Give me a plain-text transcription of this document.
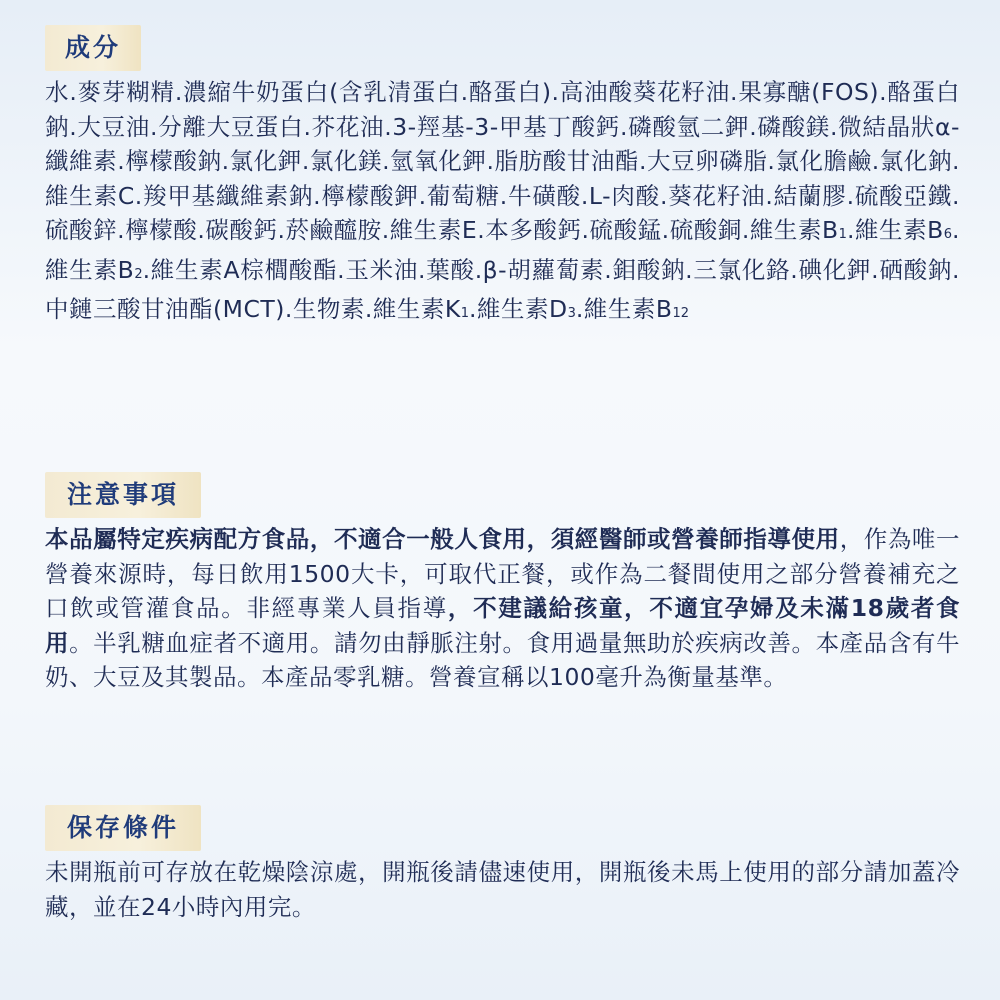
成分
水.麥芽糊精.濃縮牛奶蛋白(含乳清蛋白.酪蛋白).高油酸葵花籽油.果寡醣(FOS).酪蛋白鈉.大豆油.分離大豆蛋白.芥花油.3-羥基-3-甲基丁酸鈣.磷酸氫二鉀.磷酸鎂.微結晶狀α-纖維素.檸檬酸鈉.氯化鉀.氯化鎂.氫氧化鉀.脂肪酸甘油酯.大豆卵磷脂.氯化膽鹼.氯化鈉.維生素C.羧甲基纖維素鈉.檸檬酸鉀.葡萄糖.牛磺酸.L-肉酸.葵花籽油.結蘭膠.硫酸亞鐵.硫酸鋅.檸檬酸.碳酸鈣.菸鹼醯胺.維生素E.本多酸鈣.硫酸錳.硫酸銅.維生素B1.維生素B6.維生素B2.維生素A棕櫚酸酯.玉米油.葉酸.β-胡蘿蔔素.鉬酸鈉.三氯化鉻.碘化鉀.硒酸鈉.中鏈三酸甘油酯(MCT).生物素.維生素K1.維生素D3.維生素B12
注意事項
本品屬特定疾病配方食品，不適合一般人食用，須經醫師或營養師指導使用，作為唯一營養來源時，每日飲用1500大卡，可取代正餐，或作為二餐間使用之部分營養補充之口飲或管灌食品。非經專業人員指導，不建議給孩童，不適宜孕婦及未滿18歲者食用。半乳糖血症者不適用。請勿由靜脈注射。食用過量無助於疾病改善。本產品含有牛奶、大豆及其製品。本產品零乳糖。營養宣稱以100毫升為衡量基準。
保存條件
未開瓶前可存放在乾燥陰涼處，開瓶後請儘速使用，開瓶後未馬上使用的部分請加蓋冷藏，並在24小時內用完。
